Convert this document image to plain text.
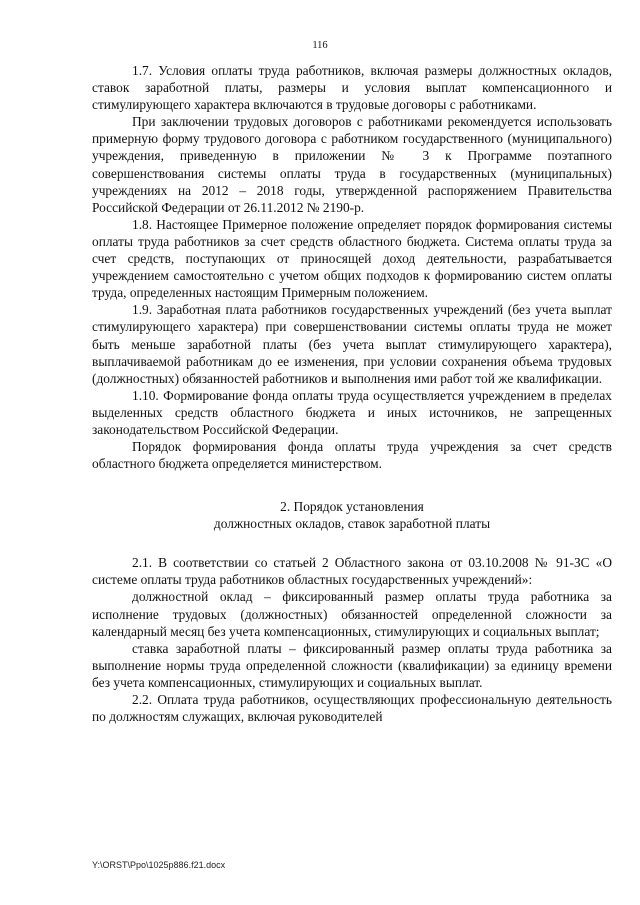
116

1.7. Условия оплаты труда работников, включая размеры должностных окладов, ставок заработной платы, размеры и условия выплат компенсационного и стимулирующего характера включаются в трудовые договоры с работниками.

При заключении трудовых договоров с работниками рекомендуется использовать примерную форму трудового договора с работником государственного (муниципального) учреждения, приведенную в приложении № 3 к Программе поэтапного совершенствования системы оплаты труда в государственных (муниципальных) учреждениях на 2012 – 2018 годы, утвержденной распоряжением Правительства Российской Федерации от 26.11.2012 № 2190-р.

1.8. Настоящее Примерное положение определяет порядок формирования системы оплаты труда работников за счет средств областного бюджета. Система оплаты труда за счет средств, поступающих от приносящей доход деятельности, разрабатывается учреждением самостоятельно с учетом общих подходов к формированию систем оплаты труда, определенных настоящим Примерным положением.

1.9. Заработная плата работников государственных учреждений (без учета выплат стимулирующего характера) при совершенствовании системы оплаты труда не может быть меньше заработной платы (без учета выплат стимулирующего характера), выплачиваемой работникам до ее изменения, при условии сохранения объема трудовых (должностных) обязанностей работников и выполнения ими работ той же квалификации.

1.10. Формирование фонда оплаты труда осуществляется учреждением в пределах выделенных средств областного бюджета и иных источников, не запрещенных законодательством Российской Федерации.

Порядок формирования фонда оплаты труда учреждения за счет средств областного бюджета определяется министерством.

2. Порядок установления

должностных окладов, ставок заработной платы

2.1. В соответствии со статьей 2 Областного закона от 03.10.2008 № 91-ЗС «О системе оплаты труда работников областных государственных учреждений»:

должностной оклад – фиксированный размер оплаты труда работника за исполнение трудовых (должностных) обязанностей определенной сложности за календарный месяц без учета компенсационных, стимулирующих и социальных выплат;

ставка заработной платы – фиксированный размер оплаты труда работника за выполнение нормы труда определенной сложности (квалификации) за единицу времени без учета компенсационных, стимулирующих и социальных выплат.

2.2. Оплата труда работников, осуществляющих профессиональную деятельность по должностям служащих, включая руководителей

Y:\ORST\Ppo\1025p886.f21.docx
